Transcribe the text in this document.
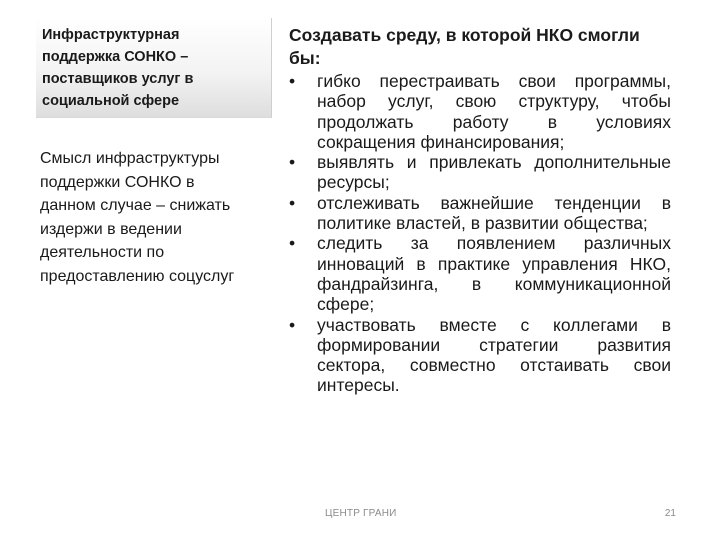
Инфраструктурная
поддержка СОНКО –
поставщиков услуг в
социальной сфере
Смысл инфраструктуры
поддержки СОНКО в
данном случае – снижать
издержи в ведении
деятельности по
предоставлению соцуслуг
Создавать среду, в которой НКО смогли бы:
• гибко перестраивать свои программы, набор услуг, свою структуру, чтобы продолжать работу в условиях сокращения финансирования;
• выявлять и привлекать дополнительные ресурсы;
• отслеживать важнейшие тенденции в политике властей, в развитии общества;
• следить за появлением различных инноваций в практике управления НКО, фандрайзинга, в коммуникационной сфере;
• участвовать вместе с коллегами в формировании стратегии развития сектора, совместно отстаивать свои интересы.
ЦЕНТР ГРАНИ	21
